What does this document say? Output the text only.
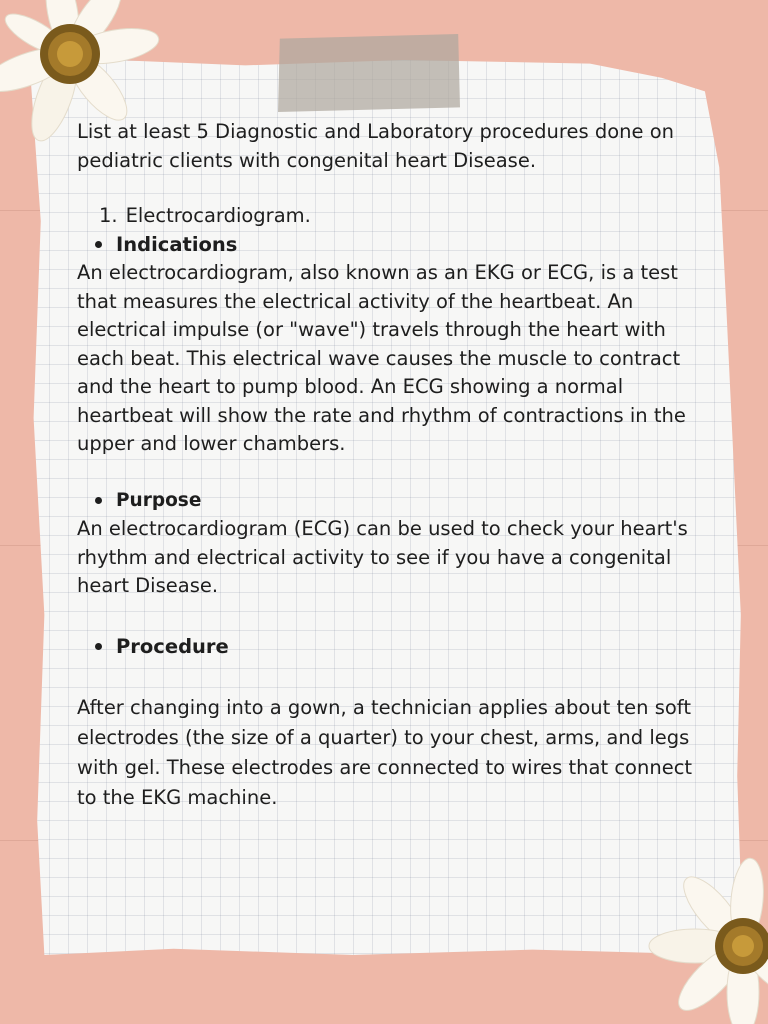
List at least 5 Diagnostic and Laboratory procedures done on pediatric clients with congenital heart Disease.

1. Electrocardiogram.

Indications

An electrocardiogram, also known as an EKG or ECG, is a test that measures the electrical activity of the heartbeat. An electrical impulse (or "wave") travels through the heart with each beat. This electrical wave causes the muscle to contract and the heart to pump blood. An ECG showing a normal heartbeat will show the rate and rhythm of contractions in the upper and lower chambers.

Purpose

An electrocardiogram (ECG) can be used to check your heart's rhythm and electrical activity to see if you have a congenital heart Disease.

Procedure

After changing into a gown, a technician applies about ten soft electrodes (the size of a quarter) to your chest, arms, and legs with gel. These electrodes are connected to wires that connect to the EKG machine.
